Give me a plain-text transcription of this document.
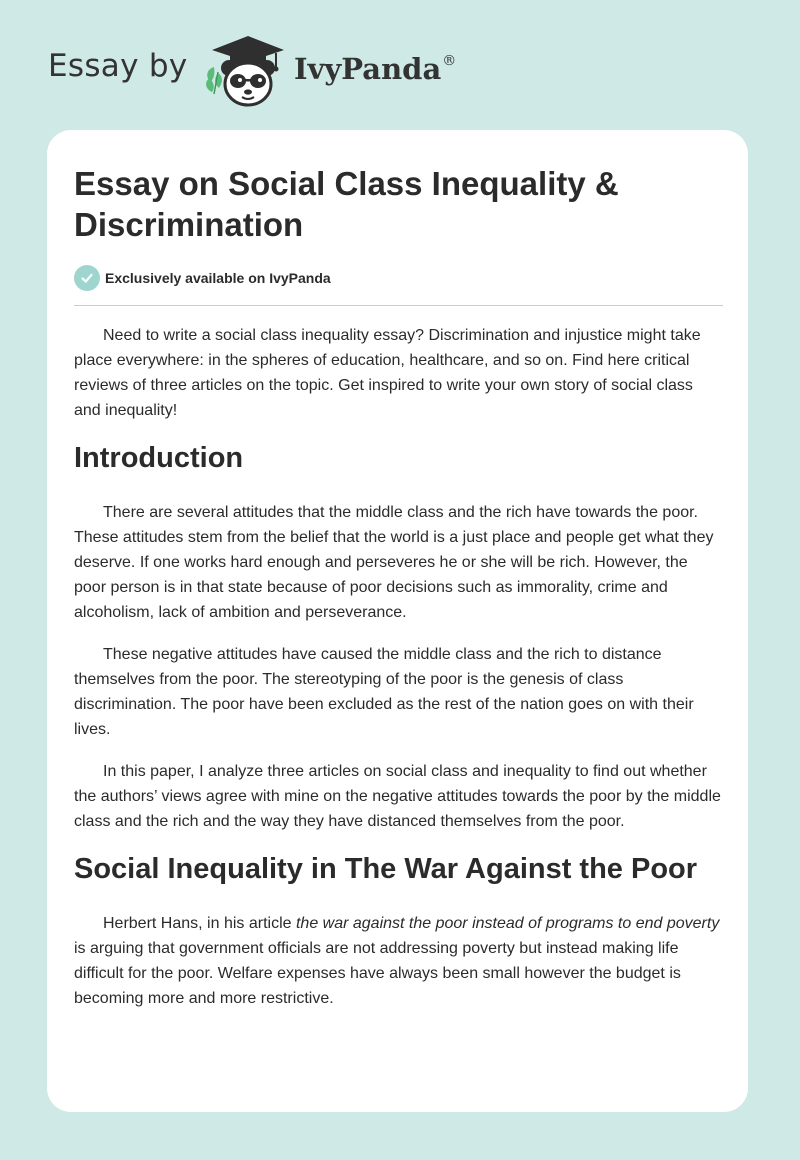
Essay by	IvyPanda®
Essay on Social Class Inequality & Discrimination
Exclusively available on IvyPanda

Need to write a social class inequality essay? Discrimination and injustice might take place everywhere: in the spheres of education, healthcare, and so on. Find here critical reviews of three articles on the topic. Get inspired to write your own story of social class and inequality!

Introduction

There are several attitudes that the middle class and the rich have towards the poor. These attitudes stem from the belief that the world is a just place and people get what they deserve. If one works hard enough and perseveres he or she will be rich. However, the poor person is in that state because of poor decisions such as immorality, crime and alcoholism, lack of ambition and perseverance.

These negative attitudes have caused the middle class and the rich to distance themselves from the poor. The stereotyping of the poor is the genesis of class discrimination. The poor have been excluded as the rest of the nation goes on with their lives.

In this paper, I analyze three articles on social class and inequality to find out whether the authors’ views agree with mine on the negative attitudes towards the poor by the middle class and the rich and the way they have distanced themselves from the poor.

Social Inequality in The War Against the Poor

Herbert Hans, in his article the war against the poor instead of programs to end poverty is arguing that government officials are not addressing poverty but instead making life difficult for the poor. Welfare expenses have always been small however the budget is becoming more and more restrictive.
